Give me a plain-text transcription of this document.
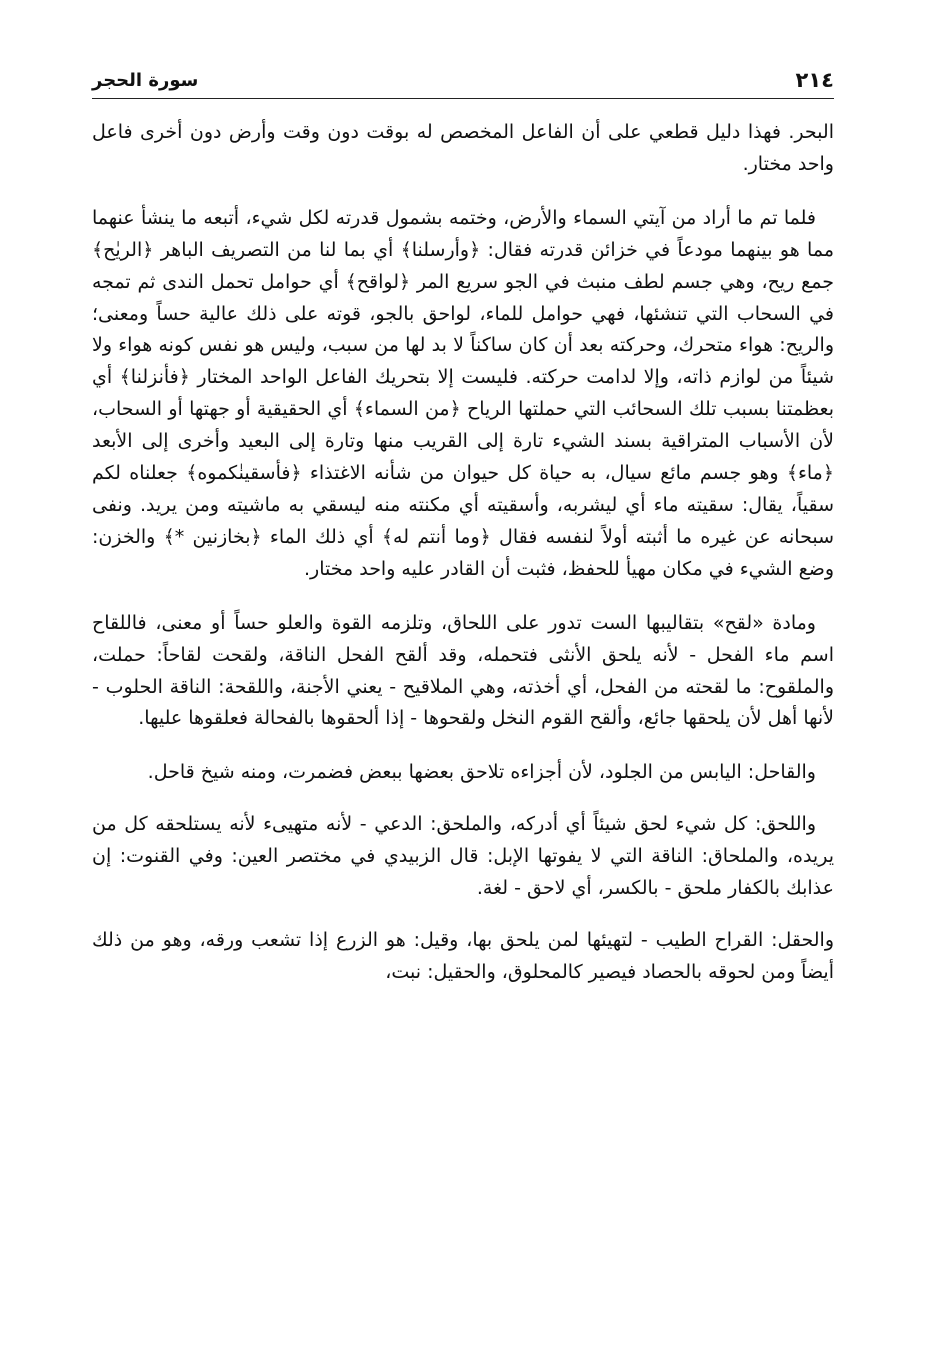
٢١٤
سورة الحجر

البحر. فهذا دليل قطعي على أن الفاعل المخصص له بوقت دون وقت وأرض دون أخرى فاعل واحد مختار.

فلما تم ما أراد من آيتي السماء والأرض، وختمه بشمول قدرته لكل شيء، أتبعه ما ينشأ عنهما مما هو بينهما مودعاً في خزائن قدرته فقال: ﴿وأرسلنا﴾ أي بما لنا من التصريف الباهر ﴿الريٰح﴾ جمع ريح، وهي جسم لطف منبث في الجو سريع المر ﴿لواقح﴾ أي حوامل تحمل الندى ثم تمجه في السحاب التي تنشئها، فهي حوامل للماء، لواحق بالجو، قوته على ذلك عالية حساً ومعنى؛ والريح: هواء متحرك، وحركته بعد أن كان ساكناً لا بد لها من سبب، وليس هو نفس كونه هواء ولا شيئاً من لوازم ذاته، وإلا لدامت حركته. فليست إلا بتحريك الفاعل الواحد المختار ﴿فأنزلنا﴾ أي بعظمتنا بسبب تلك السحائب التي حملتها الرياح ﴿من السماء﴾ أي الحقيقية أو جهتها أو السحاب، لأن الأسباب المتراقية بسند الشيء تارة إلى القريب منها وتارة إلى البعيد وأخرى إلى الأبعد ﴿ماء﴾ وهو جسم مائع سيال، به حياة كل حيوان من شأنه الاغتذاء ﴿فأسقينٰكموه﴾ جعلناه لكم سقياً، يقال: سقيته ماء أي ليشربه، وأسقيته أي مكنته منه ليسقي به ماشيته ومن يريد. ونفى سبحانه عن غيره ما أثبته أولاً لنفسه فقال ﴿وما أنتم له﴾ أي ذلك الماء ﴿بخازنين *﴾ والخزن: وضع الشيء في مكان مهيأ للحفظ، فثبت أن القادر عليه واحد مختار.

ومادة «لقح» بتقاليبها الست تدور على اللحاق، وتلزمه القوة والعلو حساً أو معنى، فاللقاح اسم ماء الفحل - لأنه يلحق الأنثى فتحمله، وقد ألقح الفحل الناقة، ولقحت لقاحاً: حملت، والملقوح: ما لقحته من الفحل، أي أخذته، وهي الملاقيح - يعني الأجنة، واللقحة: الناقة الحلوب - لأنها أهل لأن يلحقها جائع، وألقح القوم النخل ولقحوها - إذا ألحقوها بالفحالة فعلقوها عليها.

والقاحل: اليابس من الجلود، لأن أجزاءه تلاحق بعضها ببعض فضمرت، ومنه شيخ قاحل.

واللحق: كل شيء لحق شيئاً أي أدركه، والملحق: الدعي - لأنه متهيىء لأنه يستلحقه كل من يريده، والملحاق: الناقة التي لا يفوتها الإبل: قال الزبيدي في مختصر العين: وفي القنوت: إن عذابك بالكفار ملحق - بالكسر، أي لاحق - لغة.

والحقل: القراح الطيب - لتهيئها لمن يلحق بها، وقيل: هو الزرع إذا تشعب ورقه، وهو من ذلك أيضاً ومن لحوقه بالحصاد فيصير كالمحلوق، والحقيل: نبت،
